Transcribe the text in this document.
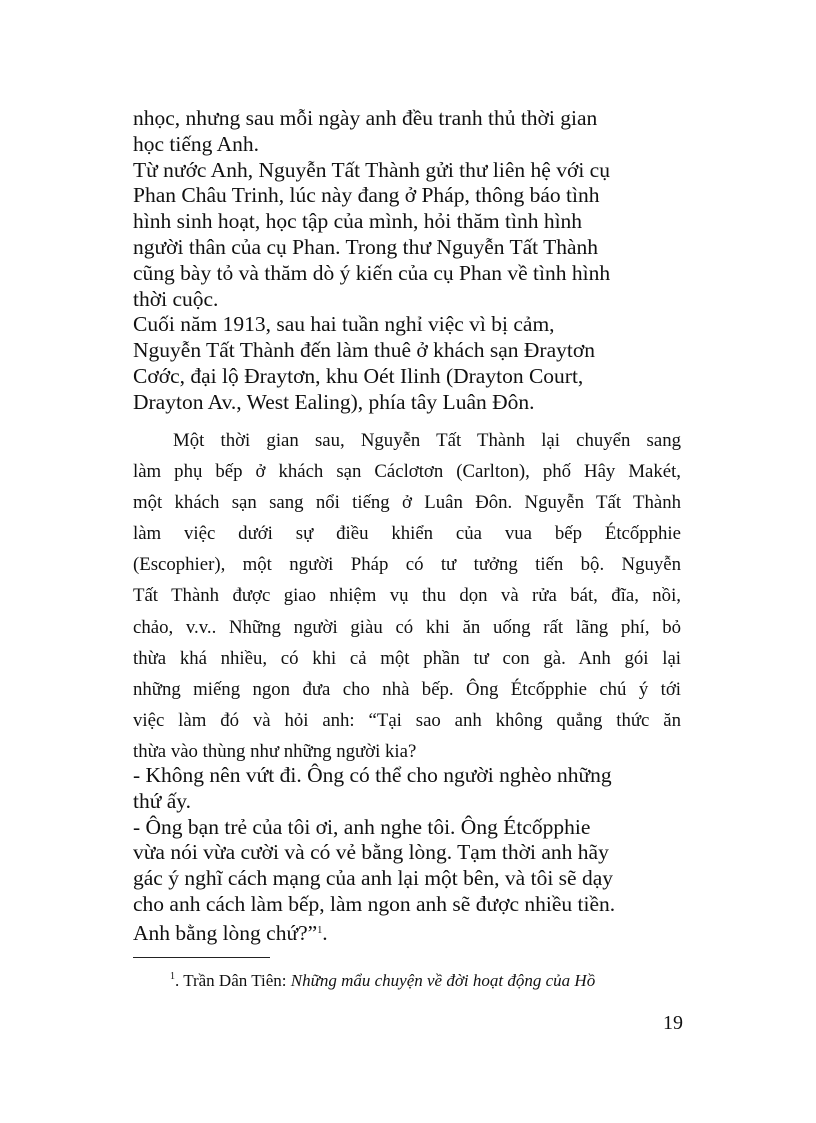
nhọc, nhưng sau mỗi ngày anh đều tranh thủ thời gian
học tiếng Anh.
Từ nước Anh, Nguyễn Tất Thành gửi thư liên hệ với cụ
Phan Châu Trinh, lúc này đang ở Pháp, thông báo tình
hình sinh hoạt, học tập của mình, hỏi thăm tình hình
người thân của cụ Phan. Trong thư Nguyễn Tất Thành
cũng bày tỏ và thăm dò ý kiến của cụ Phan về tình hình
thời cuộc.
Cuối năm 1913, sau hai tuần nghỉ việc vì bị cảm,
Nguyễn Tất Thành đến làm thuê ở khách sạn Đraytơn
Cơớc, đại lộ Đraytơn, khu Oét Ilinh (Drayton Court,
Drayton Av., West Ealing), phía tây Luân Đôn.
Một thời gian sau, Nguyễn Tất Thành lại chuyển sang
làm phụ bếp ở khách sạn Cáclơtơn (Carlton), phố Hây Makét,
một khách sạn sang nổi tiếng ở Luân Đôn. Nguyễn Tất Thành
làm việc dưới sự điều khiển của vua bếp Étcốpphie
(Escophier), một người Pháp có tư tưởng tiến bộ. Nguyễn
Tất Thành được giao nhiệm vụ thu dọn và rửa bát, đĩa, nồi,
chảo, v.v.. Những người giàu có khi ăn uống rất lãng phí, bỏ
thừa khá nhiều, có khi cả một phần tư con gà. Anh gói lại
những miếng ngon đưa cho nhà bếp. Ông Étcốpphie chú ý tới
việc làm đó và hỏi anh: “Tại sao anh không quẳng thức ăn
thừa vào thùng như những người kia?
- Không nên vứt đi. Ông có thể cho người nghèo những
thứ ấy.
- Ông bạn trẻ của tôi ơi, anh nghe tôi. Ông Étcốpphie
vừa nói vừa cười và có vẻ bằng lòng. Tạm thời anh hãy
gác ý nghĩ cách mạng của anh lại một bên, và tôi sẽ dạy
cho anh cách làm bếp, làm ngon anh sẽ được nhiều tiền.
Anh bằng lòng chứ?”$^1$.
$^1$. Trần Dân Tiên: Những mẩu chuyện về đời hoạt động của Hồ
19
